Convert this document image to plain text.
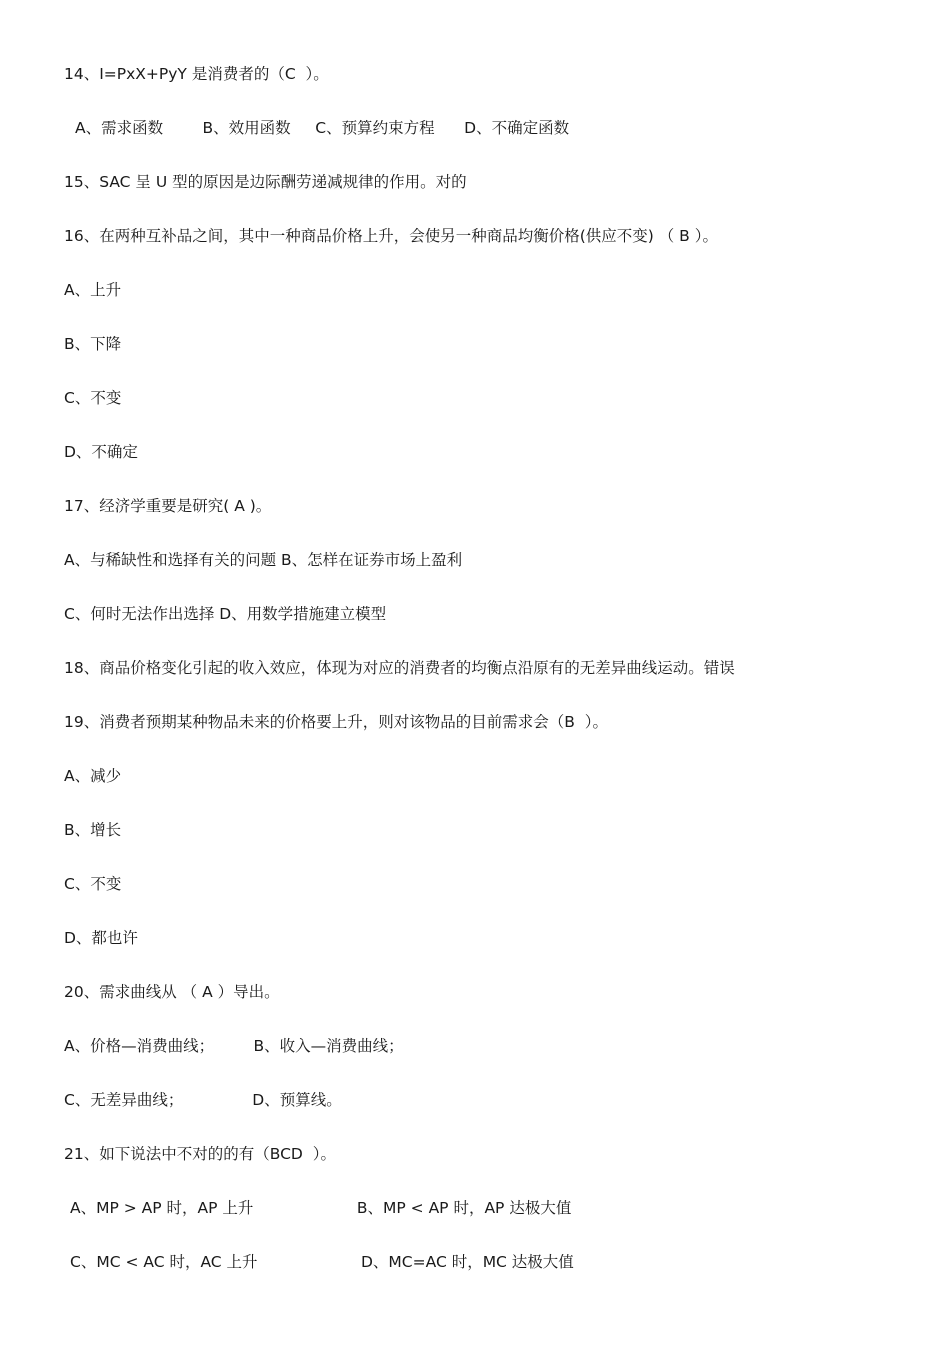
14、I=PxX+PyY 是消费者的（C  ）。

A、需求函数        B、效用函数     C、预算约束方程      D、不确定函数

15、SAC 呈 U 型的原因是边际酬劳递减规律的作用。对的

16、在两种互补品之间，其中一种商品价格上升，会使另一种商品均衡价格(供应不变) （ B ）。

A、上升

B、下降

C、不变

D、不确定

17、经济学重要是研究( A )。

A、与稀缺性和选择有关的问题 B、怎样在证券市场上盈利

C、何时无法作出选择 D、用数学措施建立模型

18、商品价格变化引起的收入效应，体现为对应的消费者的均衡点沿原有的无差异曲线运动。错误

19、消费者预期某种物品未来的价格要上升，则对该物品的目前需求会（B  ）。

A、减少

B、增长

C、不变

D、都也许

20、需求曲线从 （ A ）导出。

A、价格—消费曲线；        B、收入—消费曲线；

C、无差异曲线；              D、预算线。

21、如下说法中不对的的有（BCD  ）。

A、MP > AP 时，AP 上升                     B、MP < AP 时，AP 达极大值

C、MC < AC 时，AC 上升                     D、MC=AC 时，MC 达极大值
